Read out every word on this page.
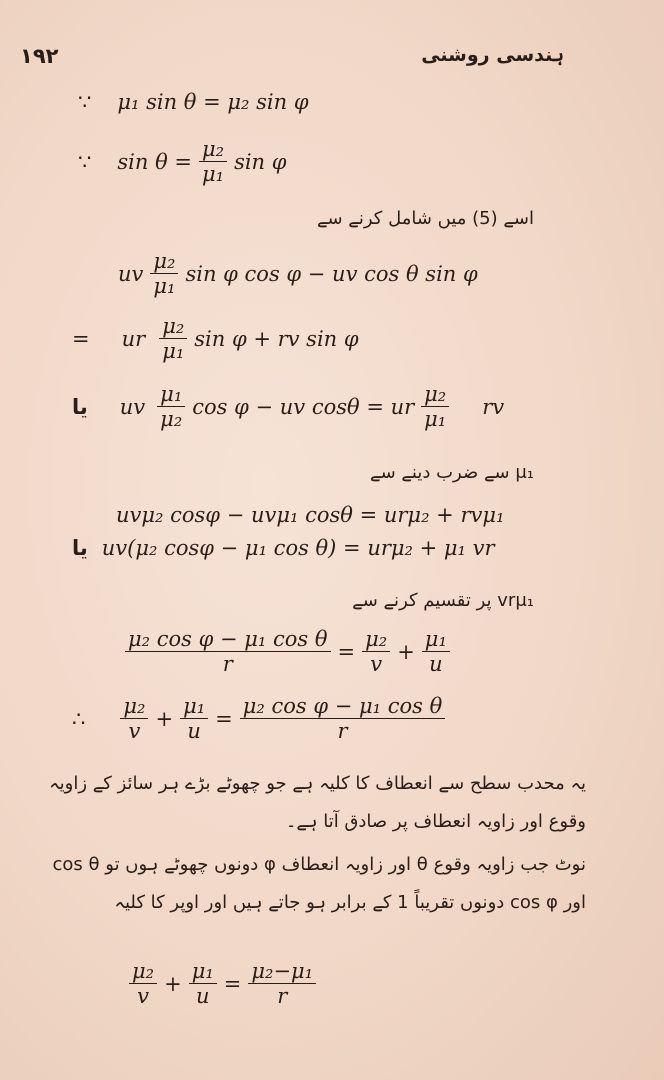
۱۹۲	ہندسی روشنی
∵ μ₁ sin θ = μ₂ sin φ
∵ $\sin \theta = \frac{\text{μ₂}}{\text{μ₁}}$ sin φ
اسے (5) میں شامل کرنے سے
uv $\frac{\text{μ₂}}{\text{μ₁}}$ sin φ cos φ − uv cos θ sin φ
= ur $\frac{\text{μ₂}}{\text{μ₁}}$ sin φ + rv sin φ
یا uv $\frac{\text{μ₁}}{\text{μ₂}}$ cos φ − uv cosθ = ur $\frac{\text{μ₂}}{\text{μ₁}}$ rv
μ₁ سے ضرب دینے سے
uvμ₂ cosφ − uvμ₁ cosθ = urμ₂ + rvμ₁
یا uv(μ₂ cosφ − μ₁ cos θ) = urμ₂ + μ₁ vr
vrμ₁ پر تقسیم کرنے سے
$\frac{\text{μ₂ cos φ − μ₁ cos θ}}{r} = \frac{\text{μ₂}}{v} + \frac{\text{μ₁}}{u}$
∴ $\frac{\text{μ₂}}{v} + \frac{\text{μ₁}}{u} = \frac{\text{μ₂ cos φ − μ₁ cos θ}}{r}$
یہ محدب سطح سے انعطاف کا کلیہ ہے جو چھوٹے بڑے ہر سائز کے زاویہ وقوع اور زاویہ انعطاف پر صادق آتا ہے۔
نوٹ جب زاویہ وقوع θ اور زاویہ انعطاف φ دونوں چھوٹے ہوں تو cos θ اور cos φ دونوں تقریباً 1 کے برابر ہو جاتے ہیں اور اوپر کا کلیہ
$\frac{\text{μ₂}}{v} + \frac{\text{μ₁}}{u} = \frac{\text{μ₂−μ₁}}{r}$
